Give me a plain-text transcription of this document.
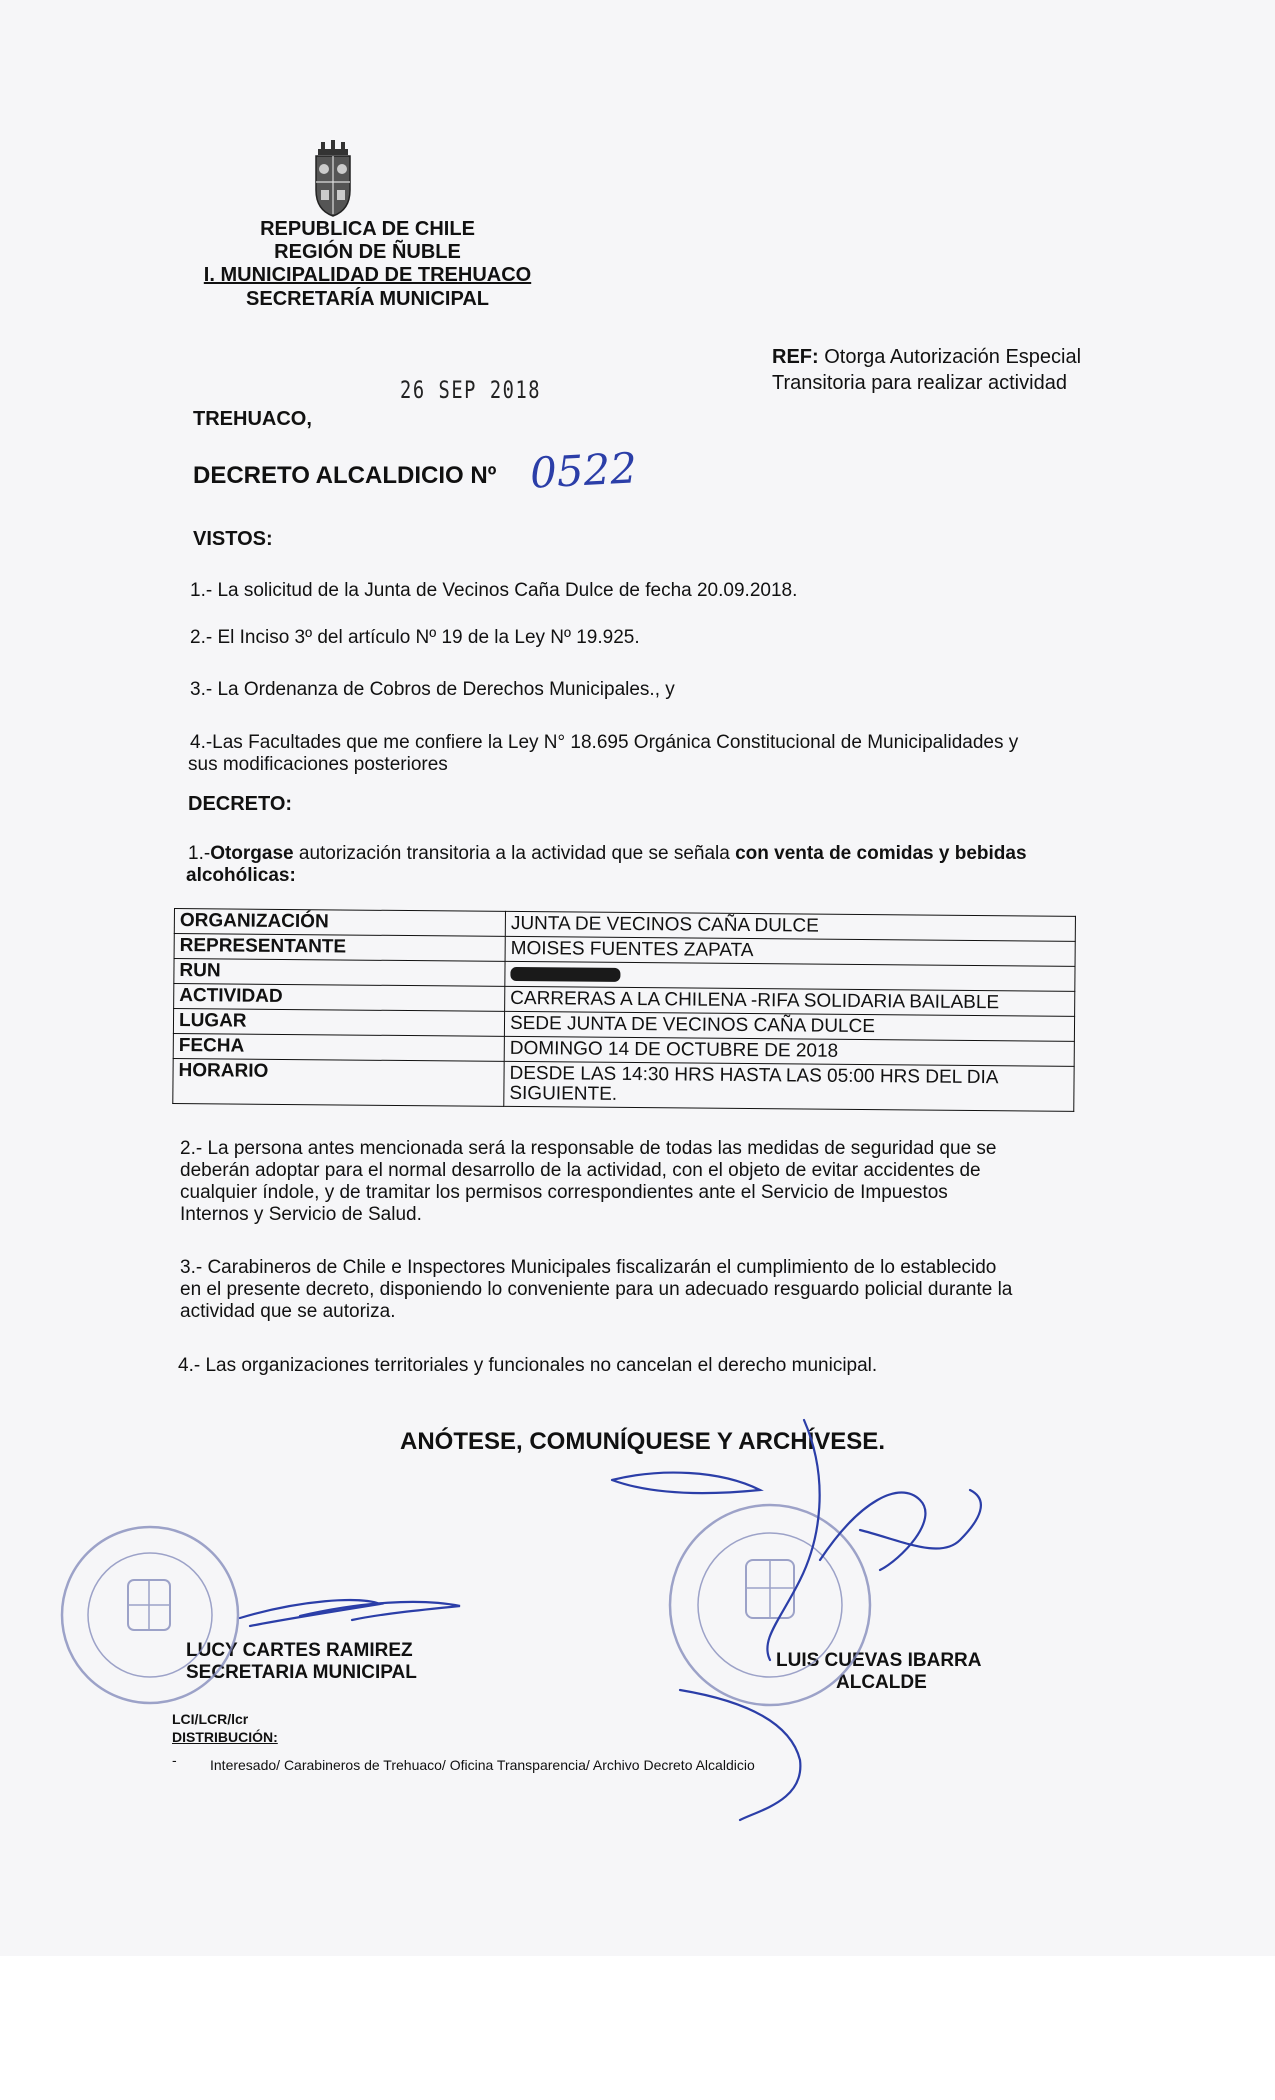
REPUBLICA DE CHILE
REGIÓN DE ÑUBLE
I. MUNICIPALIDAD DE TREHUACO
SECRETARÍA MUNICIPAL
REF: Otorga Autorización Especial
Transitoria para realizar actividad
26 SEP 2018
TREHUACO,
DECRETO ALCALDICIO Nº 0522
VISTOS:
1.- La solicitud de la Junta de Vecinos Caña Dulce de fecha 20.09.2018.
2.- El Inciso 3º del artículo Nº 19 de la Ley Nº 19.925.
3.- La Ordenanza de Cobros de Derechos Municipales., y
4.-Las Facultades que me confiere la Ley N° 18.695 Orgánica Constitucional de Municipalidades y
sus modificaciones posteriores
DECRETO:
1.-Otorgase autorización transitoria a la actividad que se señala con venta de comidas y bebidas
alcohólicas:
ORGANIZACIÓN	JUNTA DE VECINOS CAÑA DULCE
REPRESENTANTE	MOISES FUENTES ZAPATA
RUN	
ACTIVIDAD	CARRERAS A LA CHILENA -RIFA SOLIDARIA BAILABLE
LUGAR	SEDE JUNTA DE VECINOS CAÑA DULCE
FECHA	DOMINGO 14 DE OCTUBRE DE 2018
HORARIO	DESDE LAS 14:30 HRS HASTA LAS 05:00 HRS DEL DIA
SIGUIENTE.
2.- La persona antes mencionada será la responsable de todas las medidas de seguridad que se
deberán adoptar para el normal desarrollo de la actividad, con el objeto de evitar accidentes de
cualquier índole, y de tramitar los permisos correspondientes ante el Servicio de Impuestos
Internos y Servicio de Salud.
3.- Carabineros de Chile e Inspectores Municipales fiscalizarán el cumplimiento de lo establecido
en el presente decreto, disponiendo lo conveniente para un adecuado resguardo policial durante la
actividad que se autoriza.
4.- Las organizaciones territoriales y funcionales no cancelan el derecho municipal.
ANÓTESE, COMUNÍQUESE Y ARCHÍVESE.
LUCY CARTES RAMIREZ
SECRETARIA MUNICIPAL
LUIS CUEVAS IBARRA
ALCALDE
LCI/LCR/lcr
DISTRIBUCIÓN:
- Interesado/ Carabineros de Trehuaco/ Oficina Transparencia/ Archivo Decreto Alcaldicio
